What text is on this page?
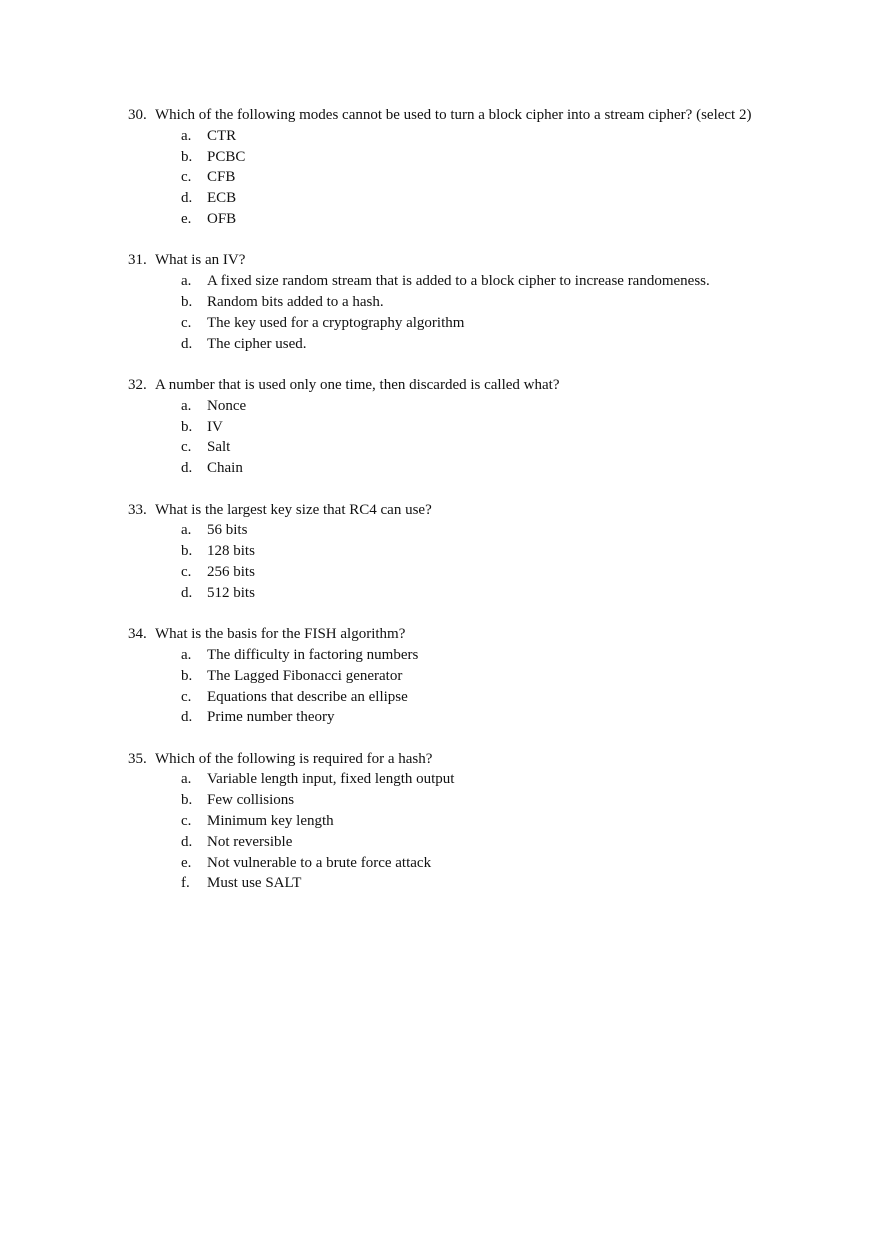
30. Which of the following modes cannot be used to turn a block cipher into a stream cipher? (select 2)
a. CTR
b. PCBC
c. CFB
d. ECB
e. OFB
31. What is an IV?
a. A fixed size random stream that is added to a block cipher to increase randomeness.
b. Random bits added to a hash.
c. The key used for a cryptography algorithm
d. The cipher used.
32. A number that is used only one time, then discarded is called what?
a. Nonce
b. IV
c. Salt
d. Chain
33. What is the largest key size that RC4 can use?
a. 56 bits
b. 128 bits
c. 256 bits
d. 512 bits
34. What is the basis for the FISH algorithm?
a. The difficulty in factoring numbers
b. The Lagged Fibonacci generator
c. Equations that describe an ellipse
d. Prime number theory
35. Which of the following is required for a hash?
a. Variable length input, fixed length output
b. Few collisions
c. Minimum key length
d. Not reversible
e. Not vulnerable to a brute force attack
f. Must use SALT
